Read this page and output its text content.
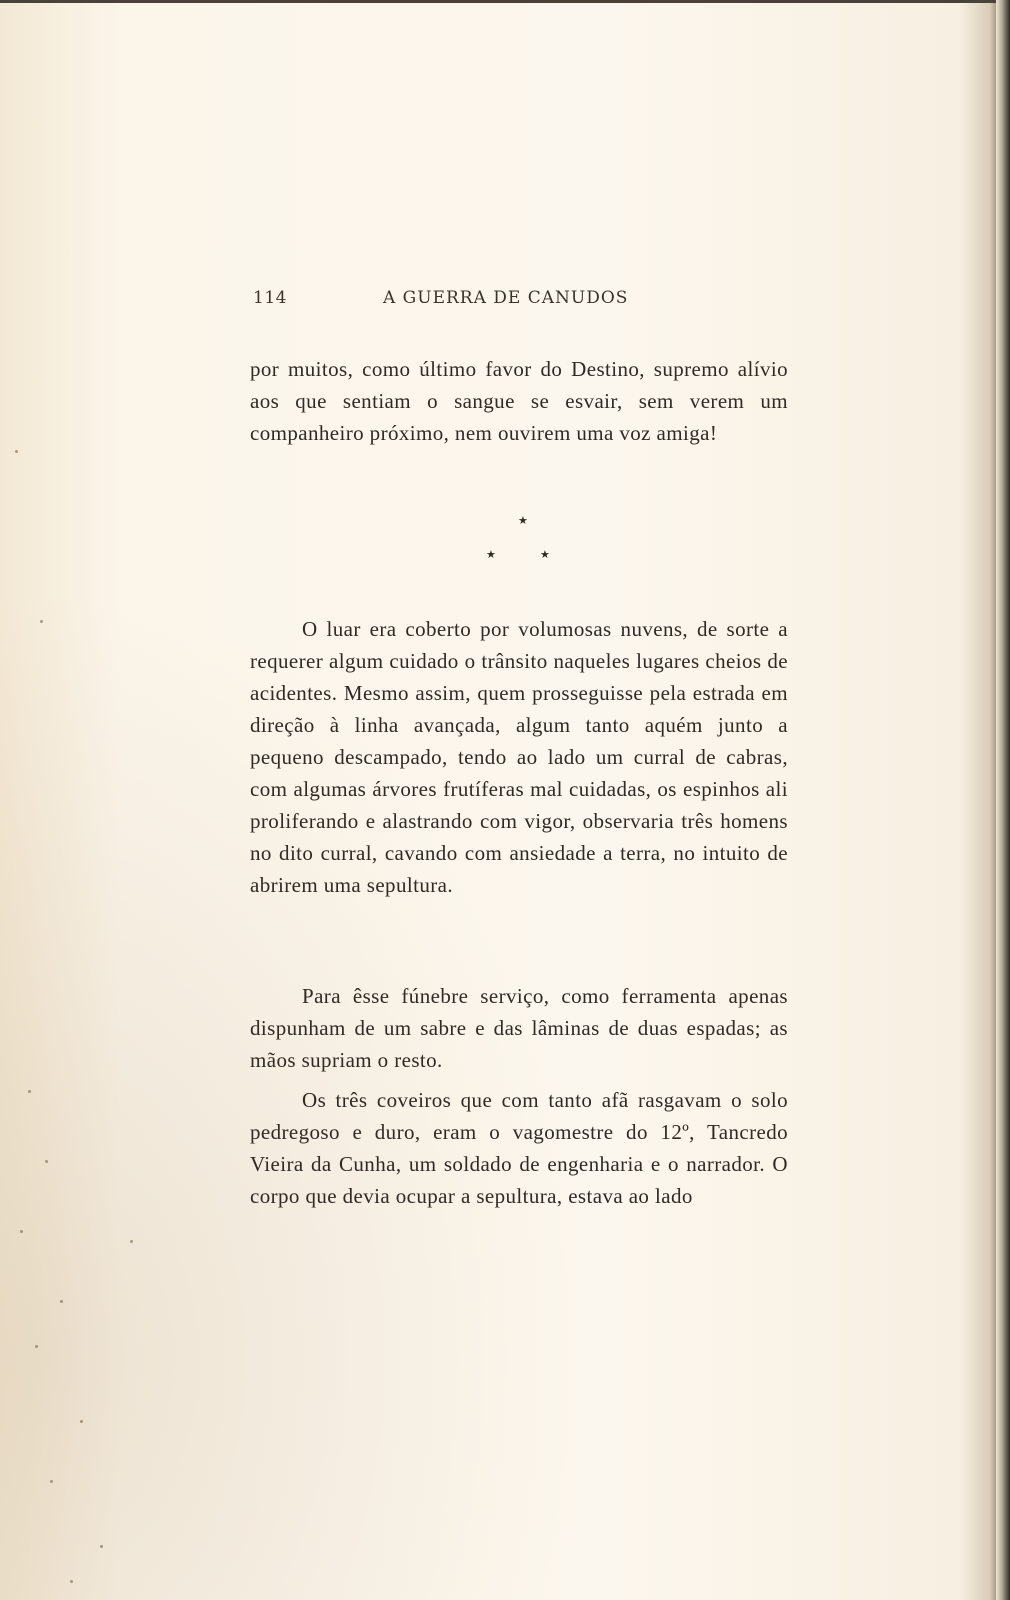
114	A GUERRA DE CANUDOS
por muitos, como último favor do Destino, supremo alívio aos que sentiam o sangue se esvair, sem verem um companheiro próximo, nem ouvirem uma voz amiga!
★
★	★
O luar era coberto por volumosas nuvens, de sorte a requerer algum cuidado o trânsito naqueles lugares cheios de acidentes. Mesmo assim, quem prosseguisse pela estrada em direção à linha avançada, algum tanto aquém junto a pequeno descampado, tendo ao lado um curral de cabras, com algumas árvores frutíferas mal cuidadas, os espinhos ali proliferando e alastrando com vigor, observaria três homens no dito curral, cavando com ansiedade a terra, no intuito de abrirem uma sepultura.
Para êsse fúnebre serviço, como ferramenta apenas dispunham de um sabre e das lâminas de duas espadas; as mãos supriam o resto.
Os três coveiros que com tanto afã rasgavam o solo pedregoso e duro, eram o vagomestre do 12º, Tancredo Vieira da Cunha, um soldado de engenharia e o narrador. O corpo que devia ocupar a sepultura, estava ao lado
